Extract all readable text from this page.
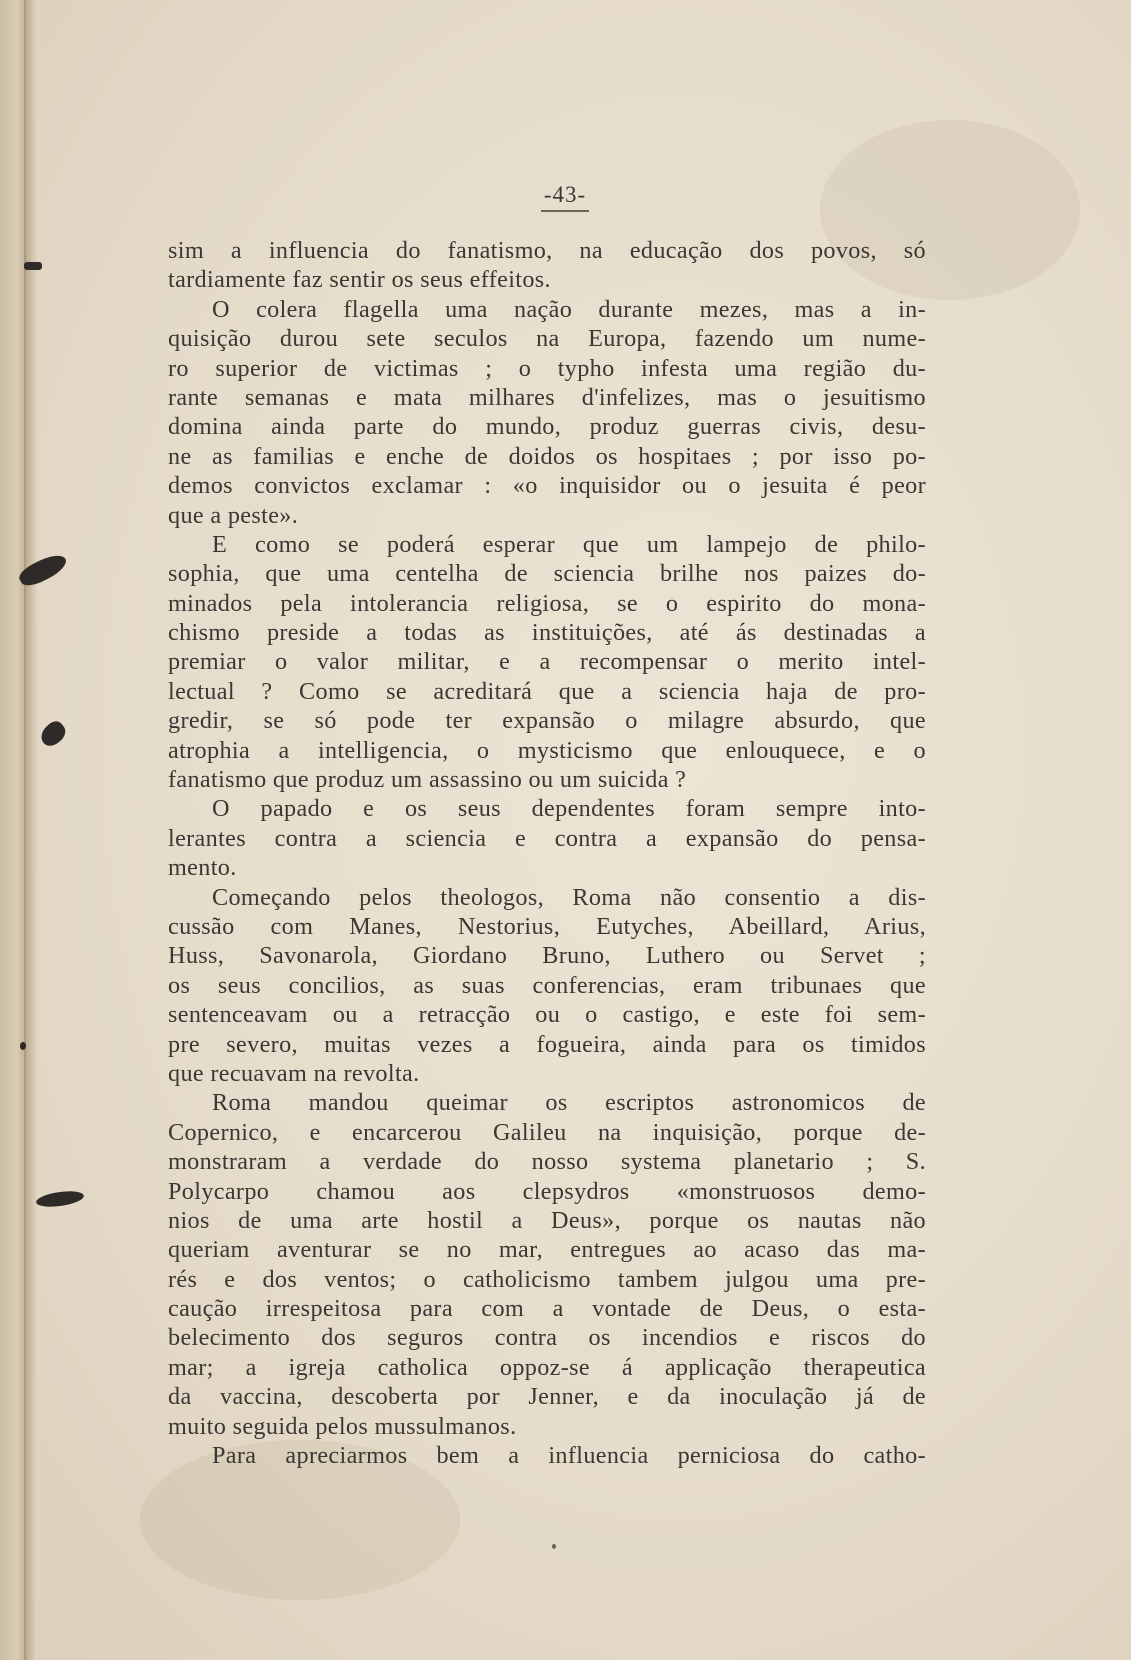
-43-
sim a influencia do fanatismo, na educação dos povos, só
tardiamente faz sentir os seus effeitos.
O colera flagella uma nação durante mezes, mas a in-
quisição durou sete seculos na Europa, fazendo um nume-
ro superior de victimas ; o typho infesta uma região du-
rante semanas e mata milhares d'infelizes, mas o jesuitismo
domina ainda parte do mundo, produz guerras civis, desu-
ne as familias e enche de doidos os hospitaes ; por isso po-
demos convictos exclamar : «o inquisidor ou o jesuita é peor
que a peste».
E como se poderá esperar que um lampejo de philo-
sophia, que uma centelha de sciencia brilhe nos paizes do-
minados pela intolerancia religiosa, se o espirito do mona-
chismo preside a todas as instituições, até ás destinadas a
premiar o valor militar, e a recompensar o merito intel-
lectual ? Como se acreditará que a sciencia haja de pro-
gredir, se só pode ter expansão o milagre absurdo, que
atrophia a intelligencia, o mysticismo que enlouquece, e o
fanatismo que produz um assassino ou um suicida ?
O papado e os seus dependentes foram sempre into-
lerantes contra a sciencia e contra a expansão do pensa-
mento.
Começando pelos theologos, Roma não consentio a dis-
cussão com Manes, Nestorius, Eutyches, Abeillard, Arius,
Huss, Savonarola, Giordano Bruno, Luthero ou Servet ;
os seus concilios, as suas conferencias, eram tribunaes que
sentenceavam ou a retracção ou o castigo, e este foi sem-
pre severo, muitas vezes a fogueira, ainda para os timidos
que recuavam na revolta.
Roma mandou queimar os escriptos astronomicos de
Copernico, e encarcerou Galileu na inquisição, porque de-
monstraram a verdade do nosso systema planetario ; S.
Polycarpo chamou aos clepsydros «monstruosos demo-
nios de uma arte hostil a Deus», porque os nautas não
queriam aventurar se no mar, entregues ao acaso das ma-
rés e dos ventos; o catholicismo tambem julgou uma pre-
caução irrespeitosa para com a vontade de Deus, o esta-
belecimento dos seguros contra os incendios e riscos do
mar; a igreja catholica oppoz-se á applicação therapeutica
da vaccina, descoberta por Jenner, e da inoculação já de
muito seguida pelos mussulmanos.
Para apreciarmos bem a influencia perniciosa do catho-
